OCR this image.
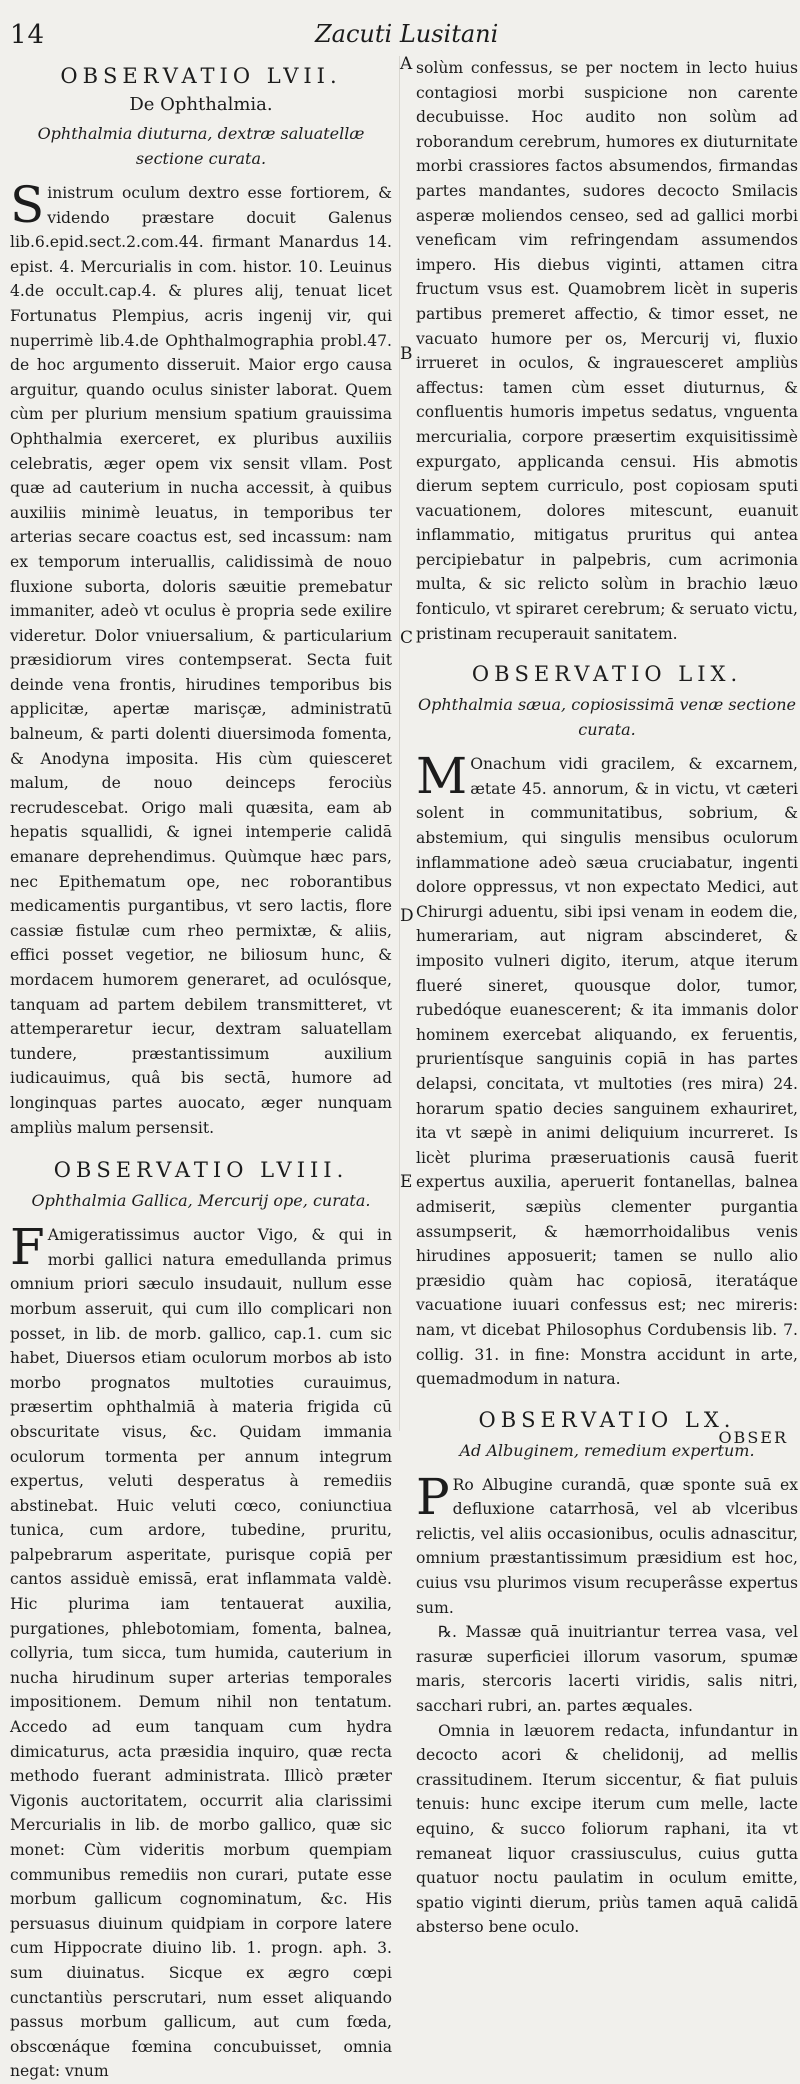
14	Zacuti Lusitani
A
B
C
D
E
OBSERVATIO LVII.
De Ophthalmia.
Ophthalmia diuturna, dextræ saluatellæ sectione curata.

Sinistrum oculum dextro esse fortiorem, & videndo præstare docuit Galenus lib.6.epid.sect.2.com.44. firmant Manardus 14. epist. 4. Mercurialis in com. histor. 10. Leuinus 4.de occult.cap.4. & plures alij, tenuat licet Fortunatus Plempius, acris ingenij vir, qui nuperrimè lib.4.de Ophthalmographia probl.47. de hoc argumento disseruit. Maior ergo causa arguitur, quando oculus sinister laborat. Quem cùm per plurium mensium spatium grauissima Ophthalmia exerceret, ex pluribus auxiliis celebratis, æger opem vix sensit vllam. Post quæ ad cauterium in nucha accessit, à quibus auxiliis minimè leuatus, in temporibus ter arterias secare coactus est, sed incassum: nam ex temporum interuallis, calidissimà de nouo fluxione suborta, doloris sæuitie premebatur immaniter, adeò vt oculus è propria sede exilire videretur. Dolor vniuersalium, & particularium præsidiorum vires contempserat. Secta fuit deinde vena frontis, hirudines temporibus bis applicitæ, apertæ marisçæ, administratū balneum, & parti dolenti diuersimoda fomenta, & Anodyna imposita. His cùm quiesceret malum, de nouo deinceps ferociùs recrudescebat. Origo mali quæsita, eam ab hepatis squallidi, & ignei intemperie calidā emanare deprehendimus. Quùmque hæc pars, nec Epithematum ope, nec roborantibus medicamentis purgantibus, vt sero lactis, flore cassiæ fistulæ cum rheo permixtæ, & aliis, effici posset vegetior, ne biliosum hunc, & mordacem humorem generaret, ad oculósque, tanquam ad partem debilem transmitteret, vt attemperaretur iecur, dextram saluatellam tundere, præstantissimum auxilium iudicauimus, quâ bis sectā, humore ad longinquas partes auocato, æger nunquam ampliùs malum persensit.

OBSERVATIO LVIII.
Ophthalmia Gallica, Mercurij ope, curata.

F Amigeratissimus auctor Vigo, & qui in morbi gallici natura emedullanda primus omnium priori sæculo insudauit, nullum esse morbum asseruit, qui cum illo complicari non posset, in lib. de morb. gallico, cap.1. cum sic habet, Diuersos etiam oculorum morbos ab isto morbo prognatos multoties curauimus, præsertim ophthalmiā à materia frigida cū obscuritate visus, &c. Quidam immania oculorum tormenta per annum integrum expertus, veluti desperatus à remediis abstinebat. Huic veluti cœco, coniunctiua tunica, cum ardore, tubedine, pruritu, palpebrarum asperitate, purisque copiā per cantos assiduè emissā, erat inflammata valdè. Hic plurima iam tentauerat auxilia, purgationes, phlebotomiam, fomenta, balnea, collyria, tum sicca, tum humida, cauterium in nucha hirudinum super arterias temporales impositionem. Demum nihil non tentatum. Accedo ad eum tanquam cum hydra dimicaturus, acta præsidia inquiro, quæ recta methodo fuerant administrata. Illicò præter Vigonis auctoritatem, occurrit alia clarissimi Mercurialis in lib. de morbo gallico, quæ sic monet: Cùm videritis morbum quempiam communibus remediis non curari, putate esse morbum gallicum cognominatum, &c. His persuasus diuinum quidpiam in corpore latere cum Hippocrate diuino lib. 1. progn. aph. 3. sum diuinatus. Sicque ex ægro cœpi cunctantiùs perscrutari, num esset aliquando passus morbum gallicum, aut cum fœda, obscœnáque fœmina concubuisset, omnia negat: vnum

solùm confessus, se per noctem in lecto huius contagiosi morbi suspicione non carente decubuisse. Hoc audito non solùm ad roborandum cerebrum, humores ex diuturnitate morbi crassiores factos absumendos, firmandas partes mandantes, sudores decocto Smilacis asperæ moliendos censeo, sed ad gallici morbi veneficam vim refringendam assumendos impero. His diebus viginti, attamen citra fructum vsus est. Quamobrem licèt in superis partibus premeret affectio, & timor esset, ne vacuato humore per os, Mercurij vi, fluxio irrueret in oculos, & ingrauesceret ampliùs affectus: tamen cùm esset diuturnus, & confluentis humoris impetus sedatus, vnguenta mercurialia, corpore præsertim exquisitissimè expurgato, applicanda censui. His abmotis dierum septem curriculo, post copiosam sputi vacuationem, dolores mitescunt, euanuit inflammatio, mitigatus pruritus qui antea percipiebatur in palpebris, cum acrimonia multa, & sic relicto solùm in brachio læuo fonticulo, vt spiraret cerebrum; & seruato victu, pristinam recuperauit sanitatem.

OBSERVATIO LIX.
Ophthalmia sæua, copiosissimā venæ sectione curata.

M Onachum vidi gracilem, & excarnem, ætate 45. annorum, & in victu, vt cæteri solent in communitatibus, sobrium, & abstemium, qui singulis mensibus oculorum inflammatione adeò sæua cruciabatur, ingenti dolore oppressus, vt non expectato Medici, aut Chirurgi aduentu, sibi ipsi venam in eodem die, humerariam, aut nigram abscinderet, & imposito vulneri digito, iterum, atque iterum flueré sineret, quousque dolor, tumor, rubedóque euanescerent; & ita immanis dolor hominem exercebat aliquando, ex feruentis, prurientísque sanguinis copiā in has partes delapsi, concitata, vt multoties (res mira) 24. horarum spatio decies sanguinem exhauriret, ita vt sæpè in animi deliquium incurreret. Is licèt plurima præseruationis causā fuerit expertus auxilia, aperuerit fontanellas, balnea admiserit, sæpiùs clementer purgantia assumpserit, & hæmorrhoidalibus venis hirudines apposuerit; tamen se nullo alio præsidio quàm hac copiosā, iteratáque vacuatione iuuari confessus est; nec mireris: nam, vt dicebat Philosophus Cordubensis lib. 7. collig. 31. in fine: Monstra accidunt in arte, quemadmodum in natura.

OBSERVATIO LX.
Ad Albuginem, remedium expertum.

P Ro Albugine curandā, quæ sponte suā ex defluxione catarrhosā, vel ab vlceribus relictis, vel aliis occasionibus, oculis adnascitur, omnium præstantissimum præsidium est hoc, cuius vsu plurimos visum recuperâsse expertus sum.

℞. Massæ quā inuitriantur terrea vasa, vel rasuræ superficiei illorum vasorum, spumæ maris, stercoris lacerti viridis, salis nitri, sacchari rubri, an. partes æquales.

Omnia in læuorem redacta, infundantur in decocto acori & chelidonij, ad mellis crassitudinem. Iterum siccentur, & fiat puluis tenuis: hunc excipe iterum cum melle, lacte equino, & succo foliorum raphani, ita vt remaneat liquor crassiusculus, cuius gutta quatuor noctu paulatim in oculum emitte, spatio viginti dierum, priùs tamen aquā calidā absterso bene oculo.

OBSER
